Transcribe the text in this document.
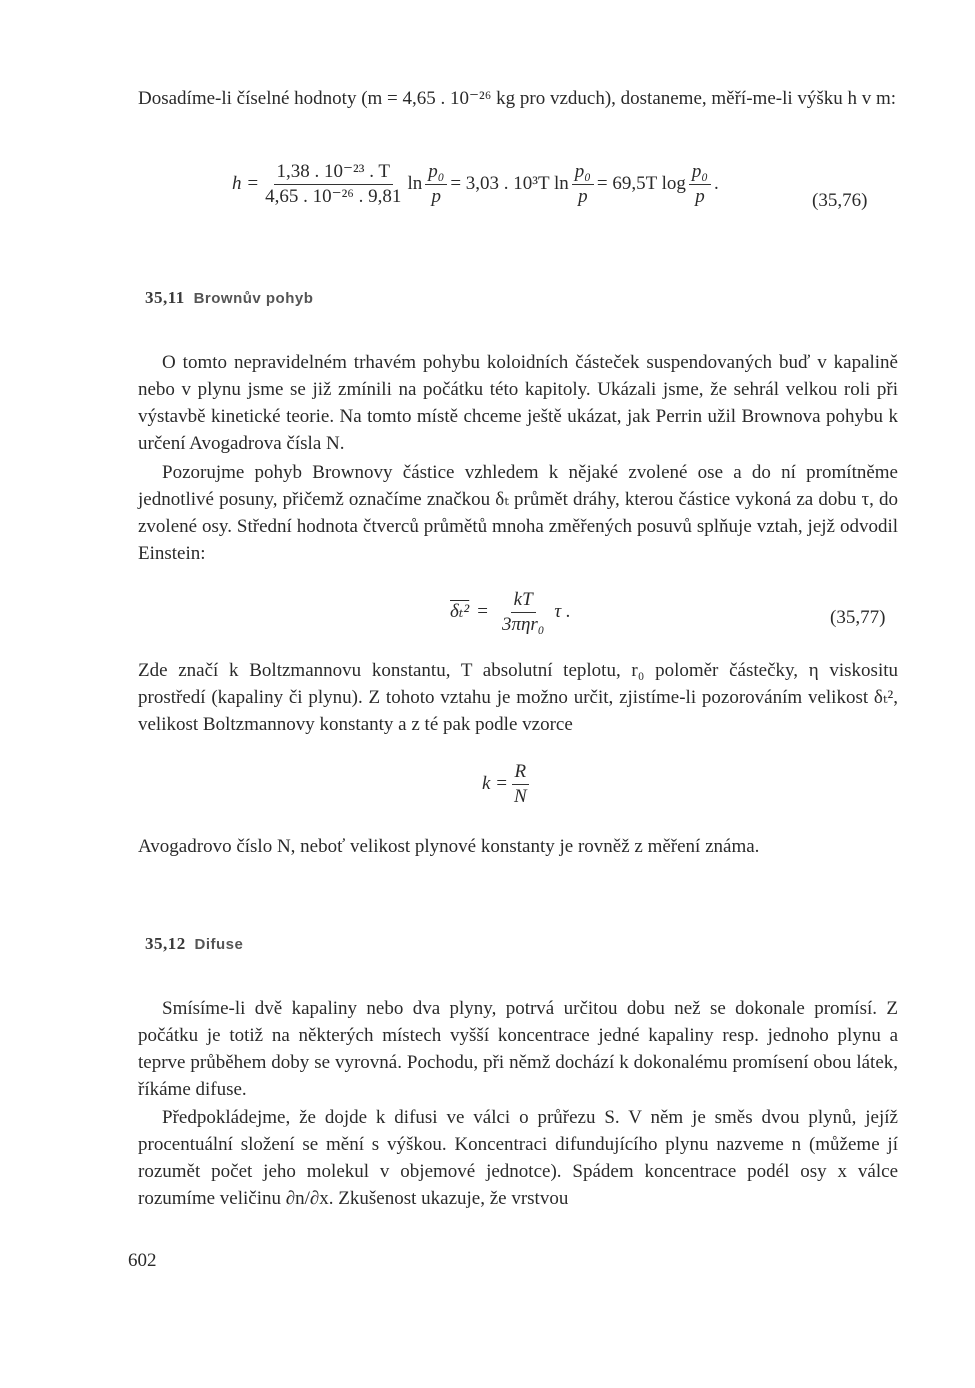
Dosadíme-li číselné hodnoty (m = 4,65 . 10⁻²⁶ kg pro vzduch), dostaneme, měří-me-li výšku h v m:

$h = \frac{\text{1,38 . 10⁻²³ . T}}{\text{4,65 . 10⁻²⁶ . 9,81}}$ $\ln \frac{\text{p₀}}{p} = 3,03$ . 10³T $\ln \frac{\text{p₀}}{p} = 69,5T$ $\log \frac{\text{p₀}}{p}$ .
(35,76)
35,11 Brownův pohyb

O tomto nepravidelném trhavém pohybu koloidních částeček suspendovaných buď v kapalině nebo v plynu jsme se již zmínili na počátku této kapitoly. Ukázali jsme, že sehrál velkou roli při výstavbě kinetické teorie. Na tomto místě chceme ještě ukázat, jak Perrin užil Brownova pohybu k určení Avogadrova čísla N.

Pozorujme pohyb Brownovy částice vzhledem k nějaké zvolené ose a do ní promítněme jednotlivé posuny, přičemž označíme značkou δₜ průmět dráhy, kterou částice vykoná za dobu τ, do zvolené osy. Střední hodnota čtverců průmětů mnoha změřených posuvů splňuje vztah, jejž odvodil Einstein:

$\delta_t^2 = \frac{kT}{\text{3πηr₀}}$ τ .	(35,77)

Zde značí k Boltzmannovu konstantu, T absolutní teplotu, r₀ poloměr částečky, η viskositu prostředí (kapaliny či plynu). Z tohoto vztahu je možno určit, zjistíme-li pozorováním velikost δₜ², velikost Boltzmannovy konstanty a z té pak podle vzorce

$k = \frac{R}{N}$

Avogadrovo číslo N, neboť velikost plynové konstanty je rovněž z měření známa.

35,12 Difuse

Smísíme-li dvě kapaliny nebo dva plyny, potrvá určitou dobu než se dokonale promísí. Z počátku je totiž na některých místech vyšší koncentrace jedné kapaliny resp. jednoho plynu a teprve průběhem doby se vyrovná. Pochodu, při němž dochází k dokonalému promísení obou látek, říkáme difuse.

Předpokládejme, že dojde k difusi ve válci o průřezu S. V něm je směs dvou plynů, jejíž procentuální složení se mění s výškou. Koncentraci difundujícího plynu nazveme n (můžeme jí rozumět počet jeho molekul v objemové jednotce). Spádem koncentrace podél osy x válce rozumíme veličinu ∂n/∂x. Zkušenost ukazuje, že vrstvou

602
